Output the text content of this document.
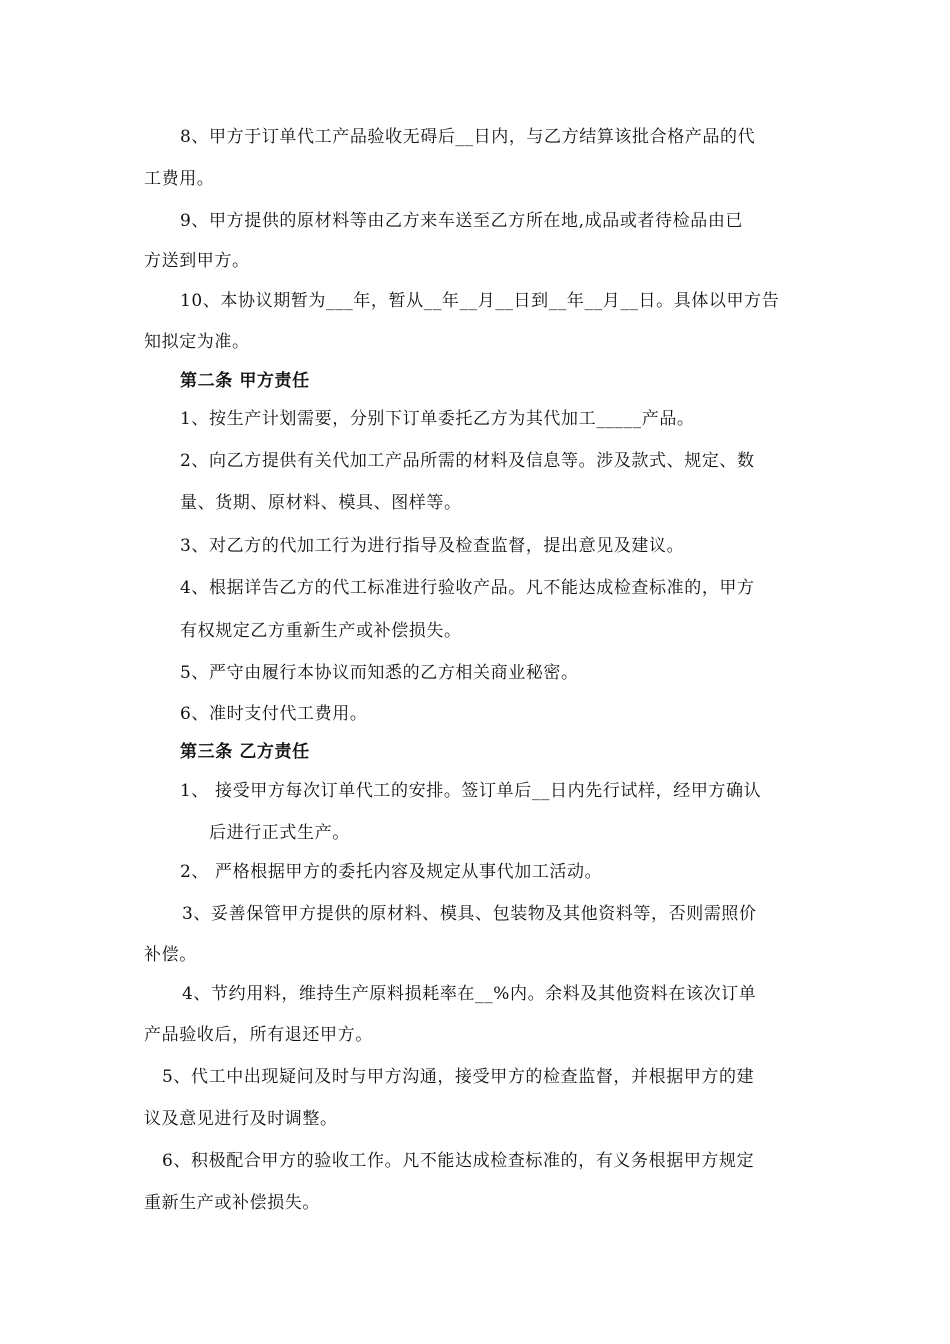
8、甲方于订单代工产品验收无碍后__日内，与乙方结算该批合格产品的代
工费用。
9、甲方提供的原材料等由乙方来车送至乙方所在地,成品或者待检品由已
方送到甲方。
10、本协议期暂为___年，暂从__年__月__日到__年__月__日。具体以甲方告
知拟定为准。
第二条 甲方责任
1、按生产计划需要，分别下订单委托乙方为其代加工_____产品。
2、向乙方提供有关代加工产品所需的材料及信息等。涉及款式、规定、数
量、货期、原材料、模具、图样等。
3、对乙方的代加工行为进行指导及检查监督，提出意见及建议。
4、根据详告乙方的代工标准进行验收产品。凡不能达成检查标准的，甲方
有权规定乙方重新生产或补偿损失。
5、严守由履行本协议而知悉的乙方相关商业秘密。
6、准时支付代工费用。
第三条 乙方责任
1、 接受甲方每次订单代工的安排。签订单后__日内先行试样，经甲方确认
后进行正式生产。
2、 严格根据甲方的委托内容及规定从事代加工活动。
3、妥善保管甲方提供的原材料、模具、包装物及其他资料等，否则需照价
补偿。
4、节约用料，维持生产原料损耗率在__%内。余料及其他资料在该次订单
产品验收后，所有退还甲方。
5、代工中出现疑问及时与甲方沟通，接受甲方的检查监督，并根据甲方的建
议及意见进行及时调整。
6、积极配合甲方的验收工作。凡不能达成检查标准的，有义务根据甲方规定
重新生产或补偿损失。
